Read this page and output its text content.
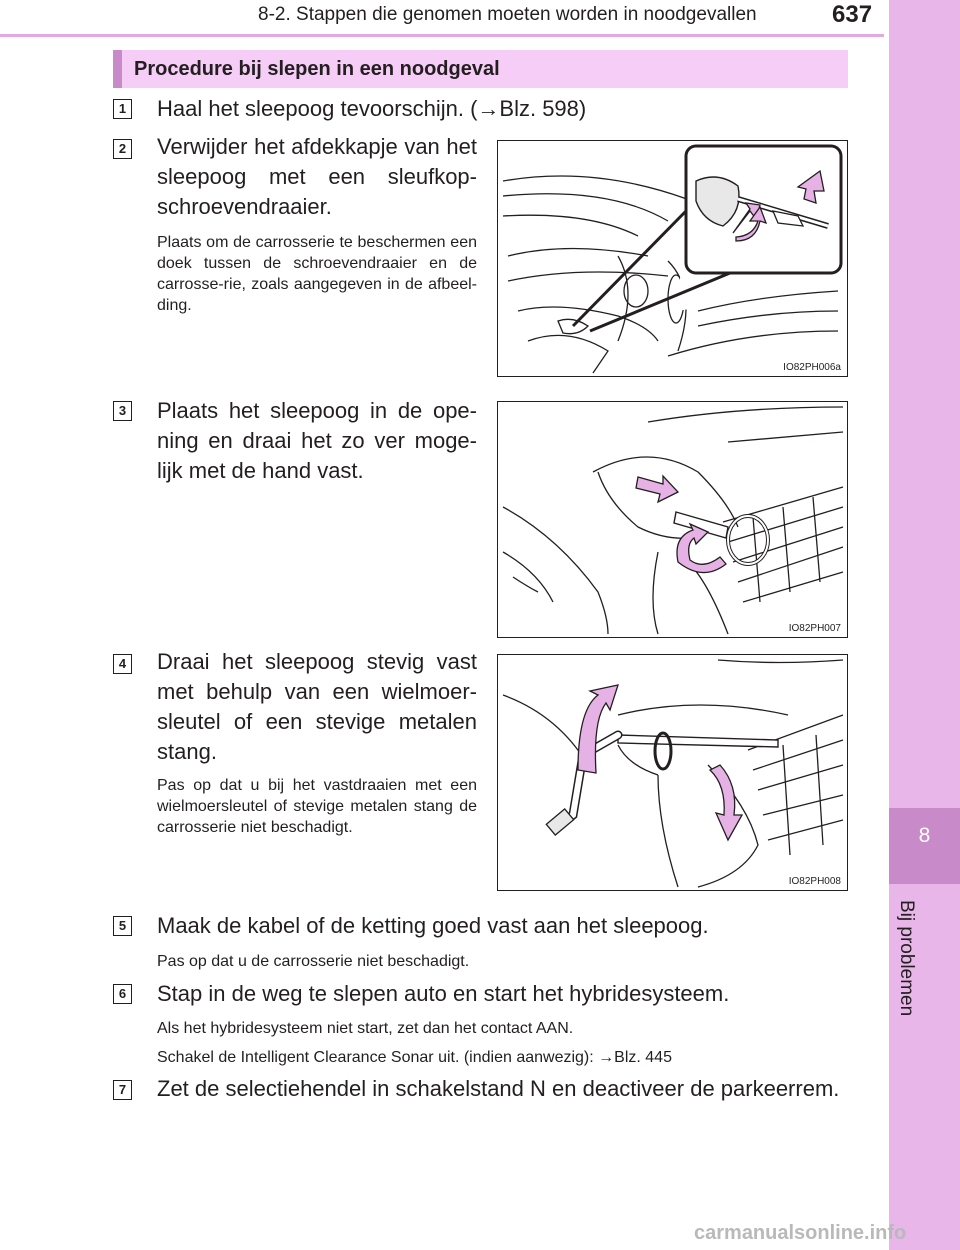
8-2. Stappen die genomen moeten worden in noodgevallen	637
8
Bij problemen
Procedure bij slepen in een noodgeval
1 Haal het sleepoog tevoorschijn. (→Blz. 598)
2 Verwijder het afdekkapje van het sleepoog met een sleufkop-schroevendraaier.
Plaats om de carrosserie te beschermen een doek tussen de schroevendraaier en de carrosse-rie, zoals aangegeven in de afbeel-ding.
IO82PH006a
3 Plaats het sleepoog in de ope-ning en draai het zo ver moge-lijk met de hand vast.
IO82PH007
4 Draai het sleepoog stevig vast met behulp van een wielmoer-sleutel of een stevige metalen stang.
Pas op dat u bij het vastdraaien met een wielmoersleutel of stevige metalen stang de carrosserie niet beschadigt.
IO82PH008
5 Maak de kabel of de ketting goed vast aan het sleepoog.
Pas op dat u de carrosserie niet beschadigt.
6 Stap in de weg te slepen auto en start het hybridesysteem.
Als het hybridesysteem niet start, zet dan het contact AAN.
Schakel de Intelligent Clearance Sonar uit. (indien aanwezig): →Blz. 445
7 Zet de selectiehendel in schakelstand N en deactiveer de parkeerrem.
carmanualsonline.info
